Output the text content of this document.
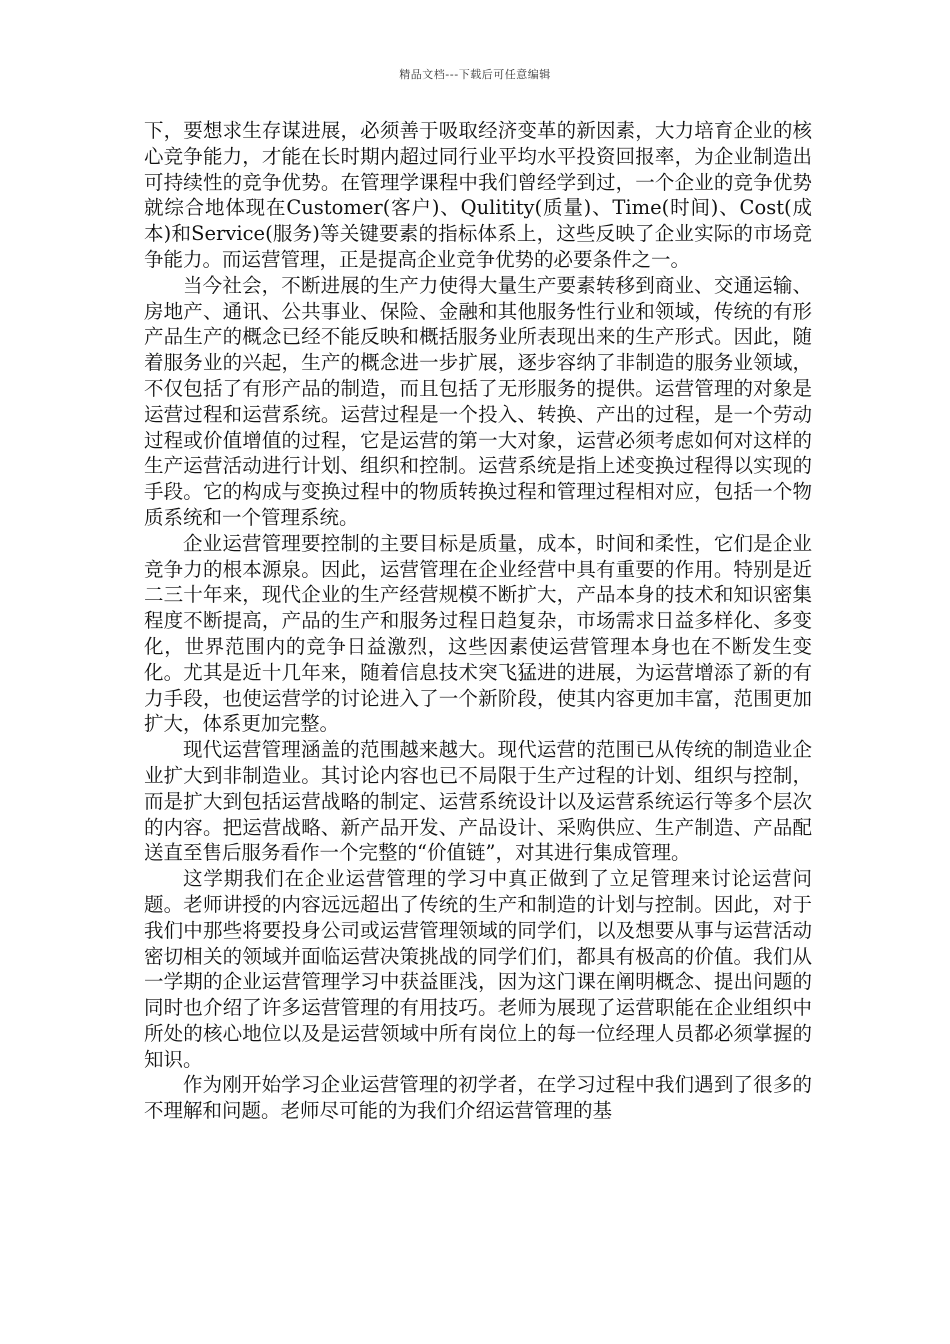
精品文档---下载后可任意编辑

下，要想求生存谋进展，必须善于吸取经济变革的新因素，大力培育企业的核心竞争能力，才能在长时期内超过同行业平均水平投资回报率，为企业制造出可持续性的竞争优势。在管理学课程中我们曾经学到过，一个企业的竞争优势就综合地体现在Customer(客户)、Qulitity(质量)、Time(时间)、Cost(成本)和Service(服务)等关键要素的指标体系上，这些反映了企业实际的市场竞争能力。而运营管理，正是提高企业竞争优势的必要条件之一。

当今社会，不断进展的生产力使得大量生产要素转移到商业、交通运输、房地产、通讯、公共事业、保险、金融和其他服务性行业和领域，传统的有形产品生产的概念已经不能反映和概括服务业所表现出来的生产形式。因此，随着服务业的兴起，生产的概念进一步扩展，逐步容纳了非制造的服务业领域，不仅包括了有形产品的制造，而且包括了无形服务的提供。运营管理的对象是运营过程和运营系统。运营过程是一个投入、转换、产出的过程，是一个劳动过程或价值增值的过程，它是运营的第一大对象，运营必须考虑如何对这样的生产运营活动进行计划、组织和控制。运营系统是指上述变换过程得以实现的手段。它的构成与变换过程中的物质转换过程和管理过程相对应，包括一个物质系统和一个管理系统。

企业运营管理要控制的主要目标是质量，成本，时间和柔性，它们是企业竞争力的根本源泉。因此，运营管理在企业经营中具有重要的作用。特别是近二三十年来，现代企业的生产经营规模不断扩大，产品本身的技术和知识密集程度不断提高，产品的生产和服务过程日趋复杂，市场需求日益多样化、多变化，世界范围内的竞争日益激烈，这些因素使运营管理本身也在不断发生变化。尤其是近十几年来，随着信息技术突飞猛进的进展，为运营增添了新的有力手段，也使运营学的讨论进入了一个新阶段，使其内容更加丰富，范围更加扩大，体系更加完整。

现代运营管理涵盖的范围越来越大。现代运营的范围已从传统的制造业企业扩大到非制造业。其讨论内容也已不局限于生产过程的计划、组织与控制，而是扩大到包括运营战略的制定、运营系统设计以及运营系统运行等多个层次的内容。把运营战略、新产品开发、产品设计、采购供应、生产制造、产品配送直至售后服务看作一个完整的“价值链”，对其进行集成管理。

这学期我们在企业运营管理的学习中真正做到了立足管理来讨论运营问题。老师讲授的内容远远超出了传统的生产和制造的计划与控制。因此，对于我们中那些将要投身公司或运营管理领域的同学们，以及想要从事与运营活动密切相关的领域并面临运营决策挑战的同学们们，都具有极高的价值。我们从一学期的企业运营管理学习中获益匪浅，因为这门课在阐明概念、提出问题的同时也介绍了许多运营管理的有用技巧。老师为展现了运营职能在企业组织中所处的核心地位以及是运营领域中所有岗位上的每一位经理人员都必须掌握的知识。

作为刚开始学习企业运营管理的初学者，在学习过程中我们遇到了很多的不理解和问题。老师尽可能的为我们介绍运营管理的基
